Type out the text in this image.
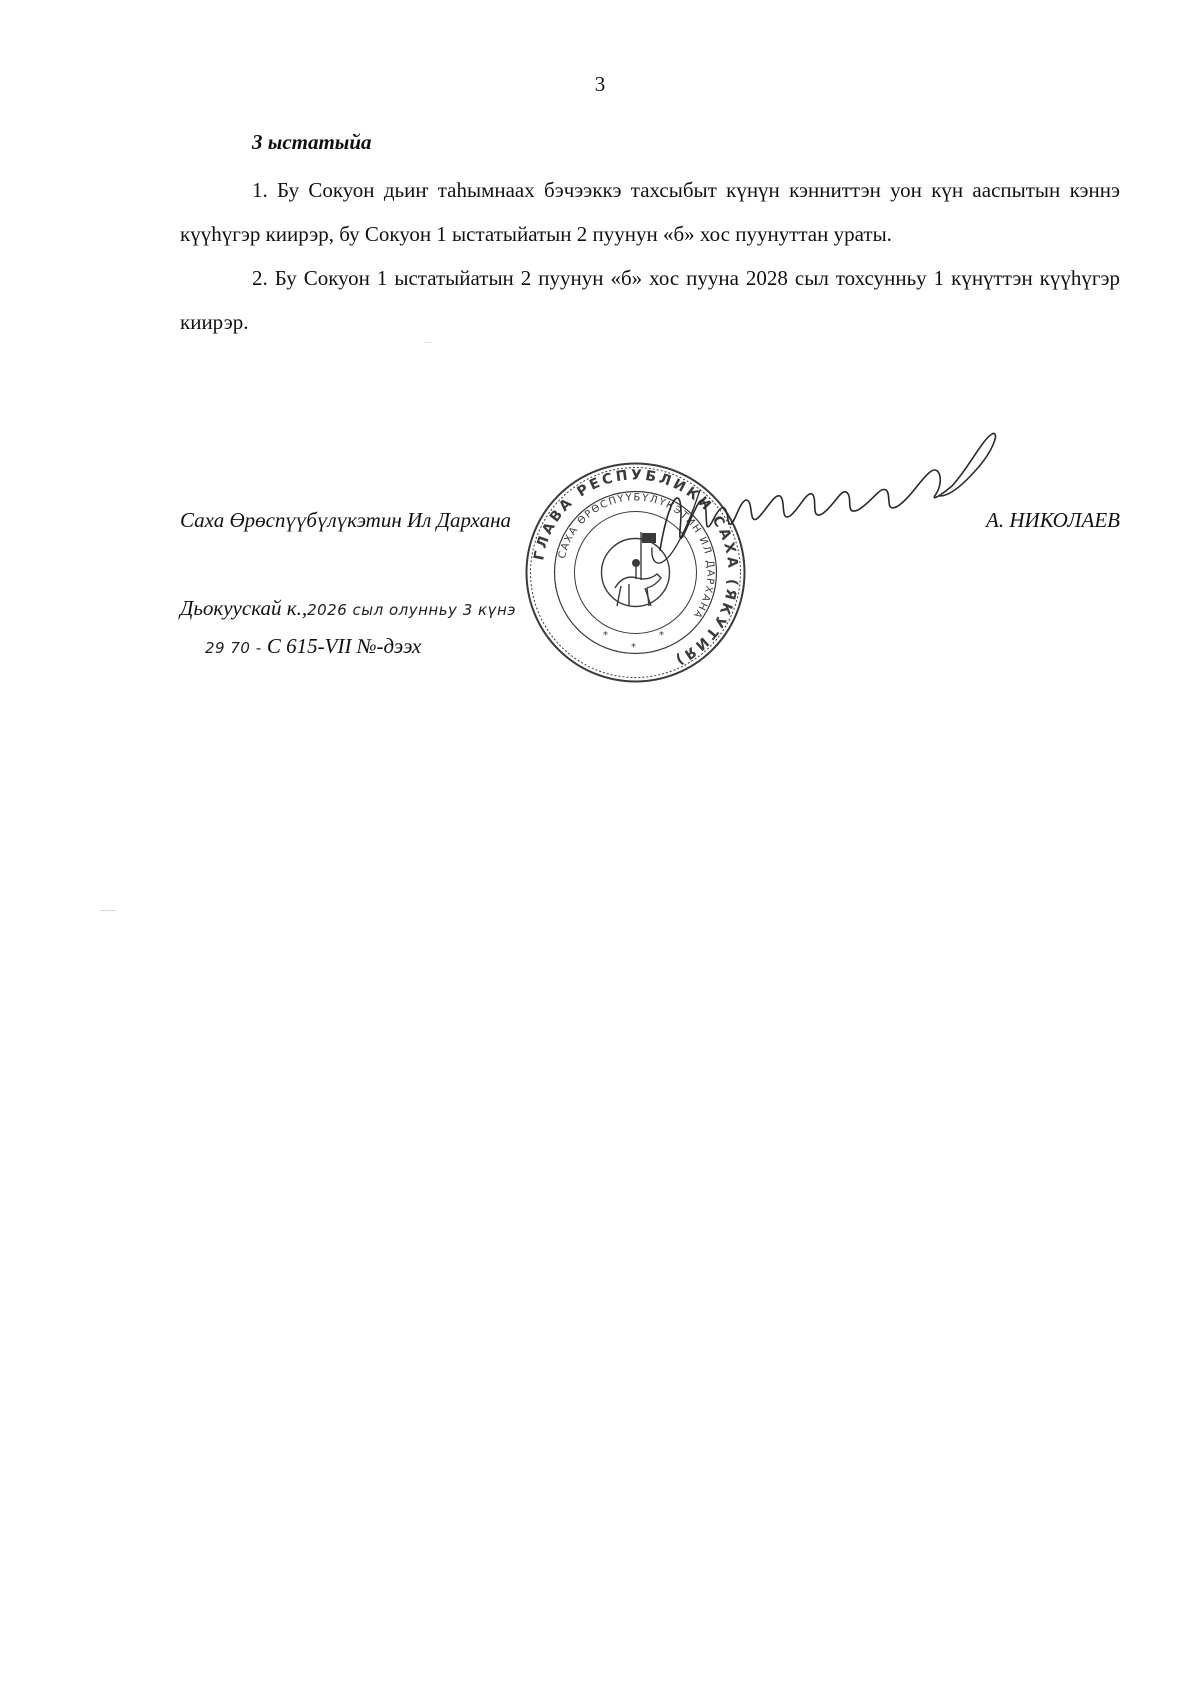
3
3 ыстатыйа

1. Бу Сокуон дьиҥ таһымнаах бэчээккэ тахсыбыт күнүн кэнниттэн уон күн ааспытын кэннэ күүһүгэр киирэр, бу Сокуон 1 ыстатыйатын 2 пуунун «б» хос пуунуттан ураты.

2. Бу Сокуон 1 ыстатыйатын 2 пуунун «б» хос пуунa 2028 сыл тохсунньу 1 күнүттэн күүһүгэр киирэр.

ГЛАВА РЕСПУБЛИКИ САХА (ЯКУТИЯ)
САХА ӨРӨСПҮҮБҮЛҮКЭТИН ИЛ ДАРХАНА
*
*
*
Саха Өрөспүүбүлүкэтин Ил Дархана	А. НИКОЛАЕВ
Дьокуускай к.,2026 сыл олунньу 3 күнэ
29 70 - С 615-VII №-дээх
